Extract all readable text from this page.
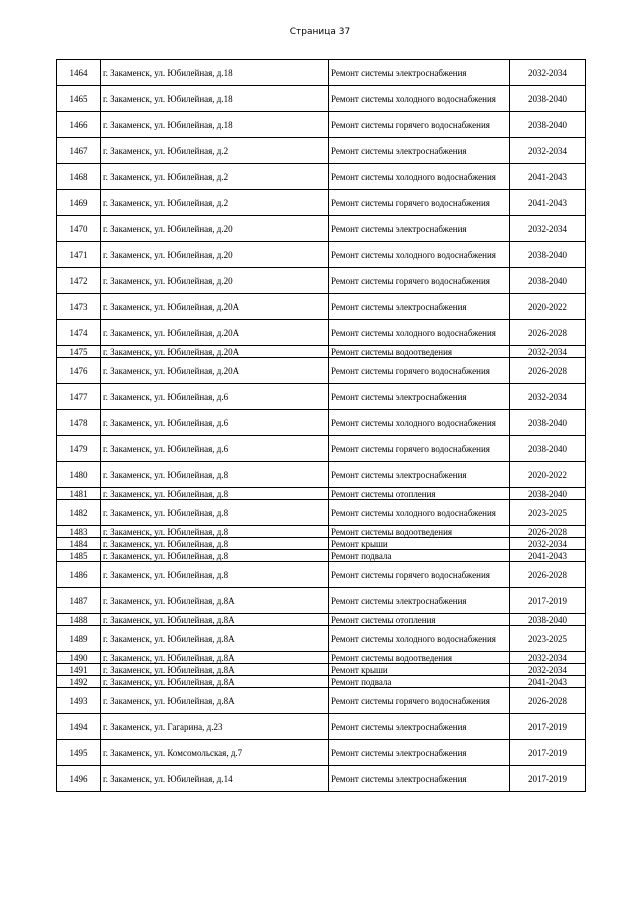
Страница 37
1464	г. Закаменск, ул. Юбилейная, д.18	Ремонт системы электроснабжения	2032-2034
1465	г. Закаменск, ул. Юбилейная, д.18	Ремонт системы холодного водоснабжения	2038-2040
1466	г. Закаменск, ул. Юбилейная, д.18	Ремонт системы горячего водоснабжения	2038-2040
1467	г. Закаменск, ул. Юбилейная, д.2	Ремонт системы электроснабжения	2032-2034
1468	г. Закаменск, ул. Юбилейная, д.2	Ремонт системы холодного водоснабжения	2041-2043
1469	г. Закаменск, ул. Юбилейная, д.2	Ремонт системы горячего водоснабжения	2041-2043
1470	г. Закаменск, ул. Юбилейная, д.20	Ремонт системы электроснабжения	2032-2034
1471	г. Закаменск, ул. Юбилейная, д.20	Ремонт системы холодного водоснабжения	2038-2040
1472	г. Закаменск, ул. Юбилейная, д.20	Ремонт системы горячего водоснабжения	2038-2040
1473	г. Закаменск, ул. Юбилейная, д.20А	Ремонт системы электроснабжения	2020-2022
1474	г. Закаменск, ул. Юбилейная, д.20А	Ремонт системы холодного водоснабжения	2026-2028
1475	г. Закаменск, ул. Юбилейная, д.20А	Ремонт системы водоотведения	2032-2034
1476	г. Закаменск, ул. Юбилейная, д.20А	Ремонт системы горячего водоснабжения	2026-2028
1477	г. Закаменск, ул. Юбилейная, д.6	Ремонт системы электроснабжения	2032-2034
1478	г. Закаменск, ул. Юбилейная, д.6	Ремонт системы холодного водоснабжения	2038-2040
1479	г. Закаменск, ул. Юбилейная, д.6	Ремонт системы горячего водоснабжения	2038-2040
1480	г. Закаменск, ул. Юбилейная, д.8	Ремонт системы электроснабжения	2020-2022
1481	г. Закаменск, ул. Юбилейная, д.8	Ремонт системы отопления	2038-2040
1482	г. Закаменск, ул. Юбилейная, д.8	Ремонт системы холодного водоснабжения	2023-2025
1483	г. Закаменск, ул. Юбилейная, д.8	Ремонт системы водоотведения	2026-2028
1484	г. Закаменск, ул. Юбилейная, д.8	Ремонт крыши	2032-2034
1485	г. Закаменск, ул. Юбилейная, д.8	Ремонт подвала	2041-2043
1486	г. Закаменск, ул. Юбилейная, д.8	Ремонт системы горячего водоснабжения	2026-2028
1487	г. Закаменск, ул. Юбилейная, д.8А	Ремонт системы электроснабжения	2017-2019
1488	г. Закаменск, ул. Юбилейная, д.8А	Ремонт системы отопления	2038-2040
1489	г. Закаменск, ул. Юбилейная, д.8А	Ремонт системы холодного водоснабжения	2023-2025
1490	г. Закаменск, ул. Юбилейная, д.8А	Ремонт системы водоотведения	2032-2034
1491	г. Закаменск, ул. Юбилейная, д.8А	Ремонт крыши	2032-2034
1492	г. Закаменск, ул. Юбилейная, д.8А	Ремонт подвала	2041-2043
1493	г. Закаменск, ул. Юбилейная, д.8А	Ремонт системы горячего водоснабжения	2026-2028
1494	г. Закаменск, ул. Гагарина, д.23	Ремонт системы электроснабжения	2017-2019
1495	г. Закаменск, ул. Комсомольская, д.7	Ремонт системы электроснабжения	2017-2019
1496	г. Закаменск, ул. Юбилейная, д.14	Ремонт системы электроснабжения	2017-2019
